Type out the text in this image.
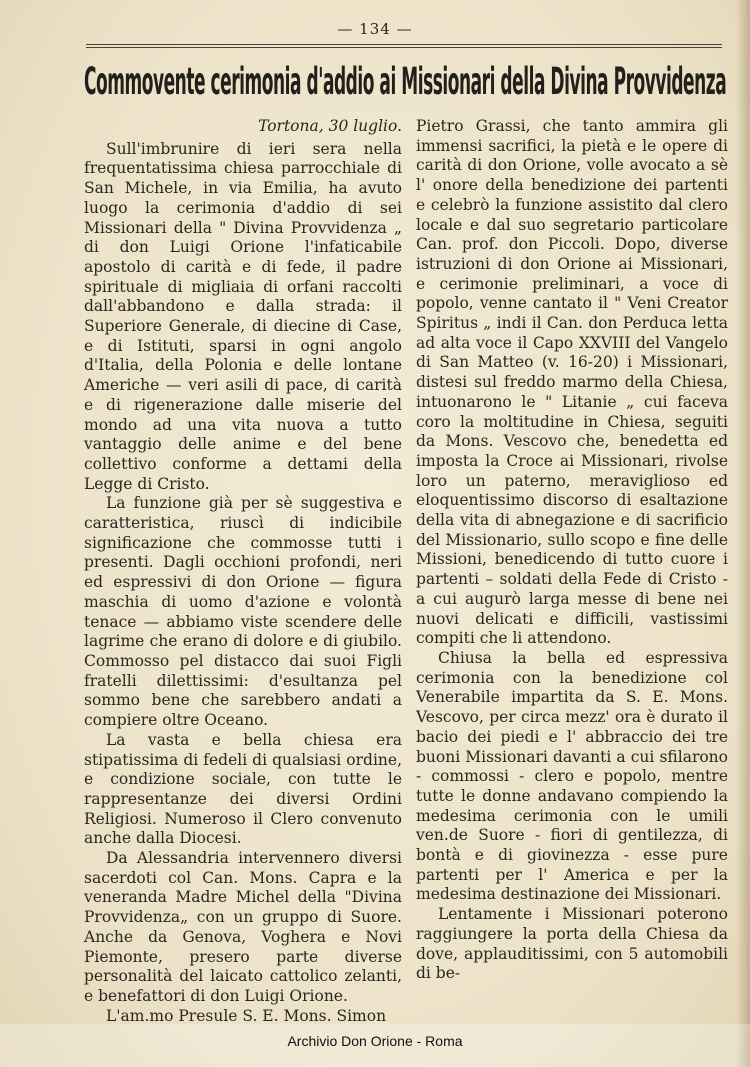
— 134 —
Commovente cerimonia d'addio ai Missionari della Divina Provvidenza

Tortona, 30 luglio.

Sull'imbrunire di ieri sera nella frequentatissima chiesa parrocchiale di San Michele, in via Emilia, ha avuto luogo la cerimonia d'addio di sei Missionari della " Divina Provvidenza „ di don Luigi Orione l'infaticabile apostolo di carità e di fede, il padre spirituale di migliaia di orfani raccolti dall'abbandono e dalla strada: il Superiore Generale, di diecine di Case, e di Istituti, sparsi in ogni angolo d'Italia, della Polonia e delle lontane Americhe — veri asili di pace, di carità e di rigenerazione dalle miserie del mondo ad una vita nuova a tutto vantaggio delle anime e del bene collettivo conforme a dettami della Legge di Cristo.

La funzione già per sè suggestiva e caratteristica, riuscì di indicibile significazione che commosse tutti i presenti. Dagli occhioni profondi, neri ed espressivi di don Orione — figura maschia di uomo d'azione e volontà tenace — abbiamo viste scendere delle lagrime che erano di dolore e di giubilo. Commosso pel distacco dai suoi Figli fratelli dilettissimi: d'esultanza pel sommo bene che sarebbero andati a compiere oltre Oceano.

La vasta e bella chiesa era stipatissima di fedeli di qualsiasi ordine, e condizione sociale, con tutte le rappresentanze dei diversi Ordini Religiosi. Numeroso il Clero convenuto anche dalla Diocesi.

Da Alessandria intervennero diversi sacerdoti col Can. Mons. Capra e la veneranda Madre Michel della "Divina Provvidenza„ con un gruppo di Suore. Anche da Genova, Voghera e Novi Piemonte, presero parte diverse personalità del laicato cattolico zelanti, e benefattori di don Luigi Orione.

L'am.mo Presule S. E. Mons. Simon

Pietro Grassi, che tanto ammira gli immensi sacrifici, la pietà e le opere di carità di don Orione, volle avocato a sè l' onore della benedizione dei partenti e celebrò la funzione assistito dal clero locale e dal suo segretario particolare Can. prof. don Piccoli. Dopo, diverse istruzioni di don Orione ai Missionari, e cerimonie preliminari, a voce di popolo, venne cantato il " Veni Creator Spiritus „ indi il Can. don Perduca letta ad alta voce il Capo XXVIII del Vangelo di San Matteo (v. 16-20) i Missionari, distesi sul freddo marmo della Chiesa, intuonarono le " Litanie „ cui faceva coro la moltitudine in Chiesa, seguiti da Mons. Vescovo che, benedetta ed imposta la Croce ai Missionari, rivolse loro un paterno, meraviglioso ed eloquentissimo discorso di esaltazione della vita di abnegazione e di sacrificio del Missionario, sullo scopo e fine delle Missioni, benedicendo di tutto cuore i partenti – soldati della Fede di Cristo - a cui augurò larga messe di bene nei nuovi delicati e difficili, vastissimi compiti che li attendono.

Chiusa la bella ed espressiva cerimonia con la benedizione col Venerabile impartita da S. E. Mons. Vescovo, per circa mezz' ora è durato il bacio dei piedi e l' abbraccio dei tre buoni Missionari davanti a cui sfilarono - commossi - clero e popolo, mentre tutte le donne andavano compiendo la medesima cerimonia con le umili ven.de Suore - fiori di gentilezza, di bontà e di giovinezza - esse pure partenti per l' America e per la medesima destinazione dei Missionari.

Lentamente i Missionari poterono raggiungere la porta della Chiesa da dove, applauditissimi, con 5 automobili di be-

Archivio Don Orione - Roma
